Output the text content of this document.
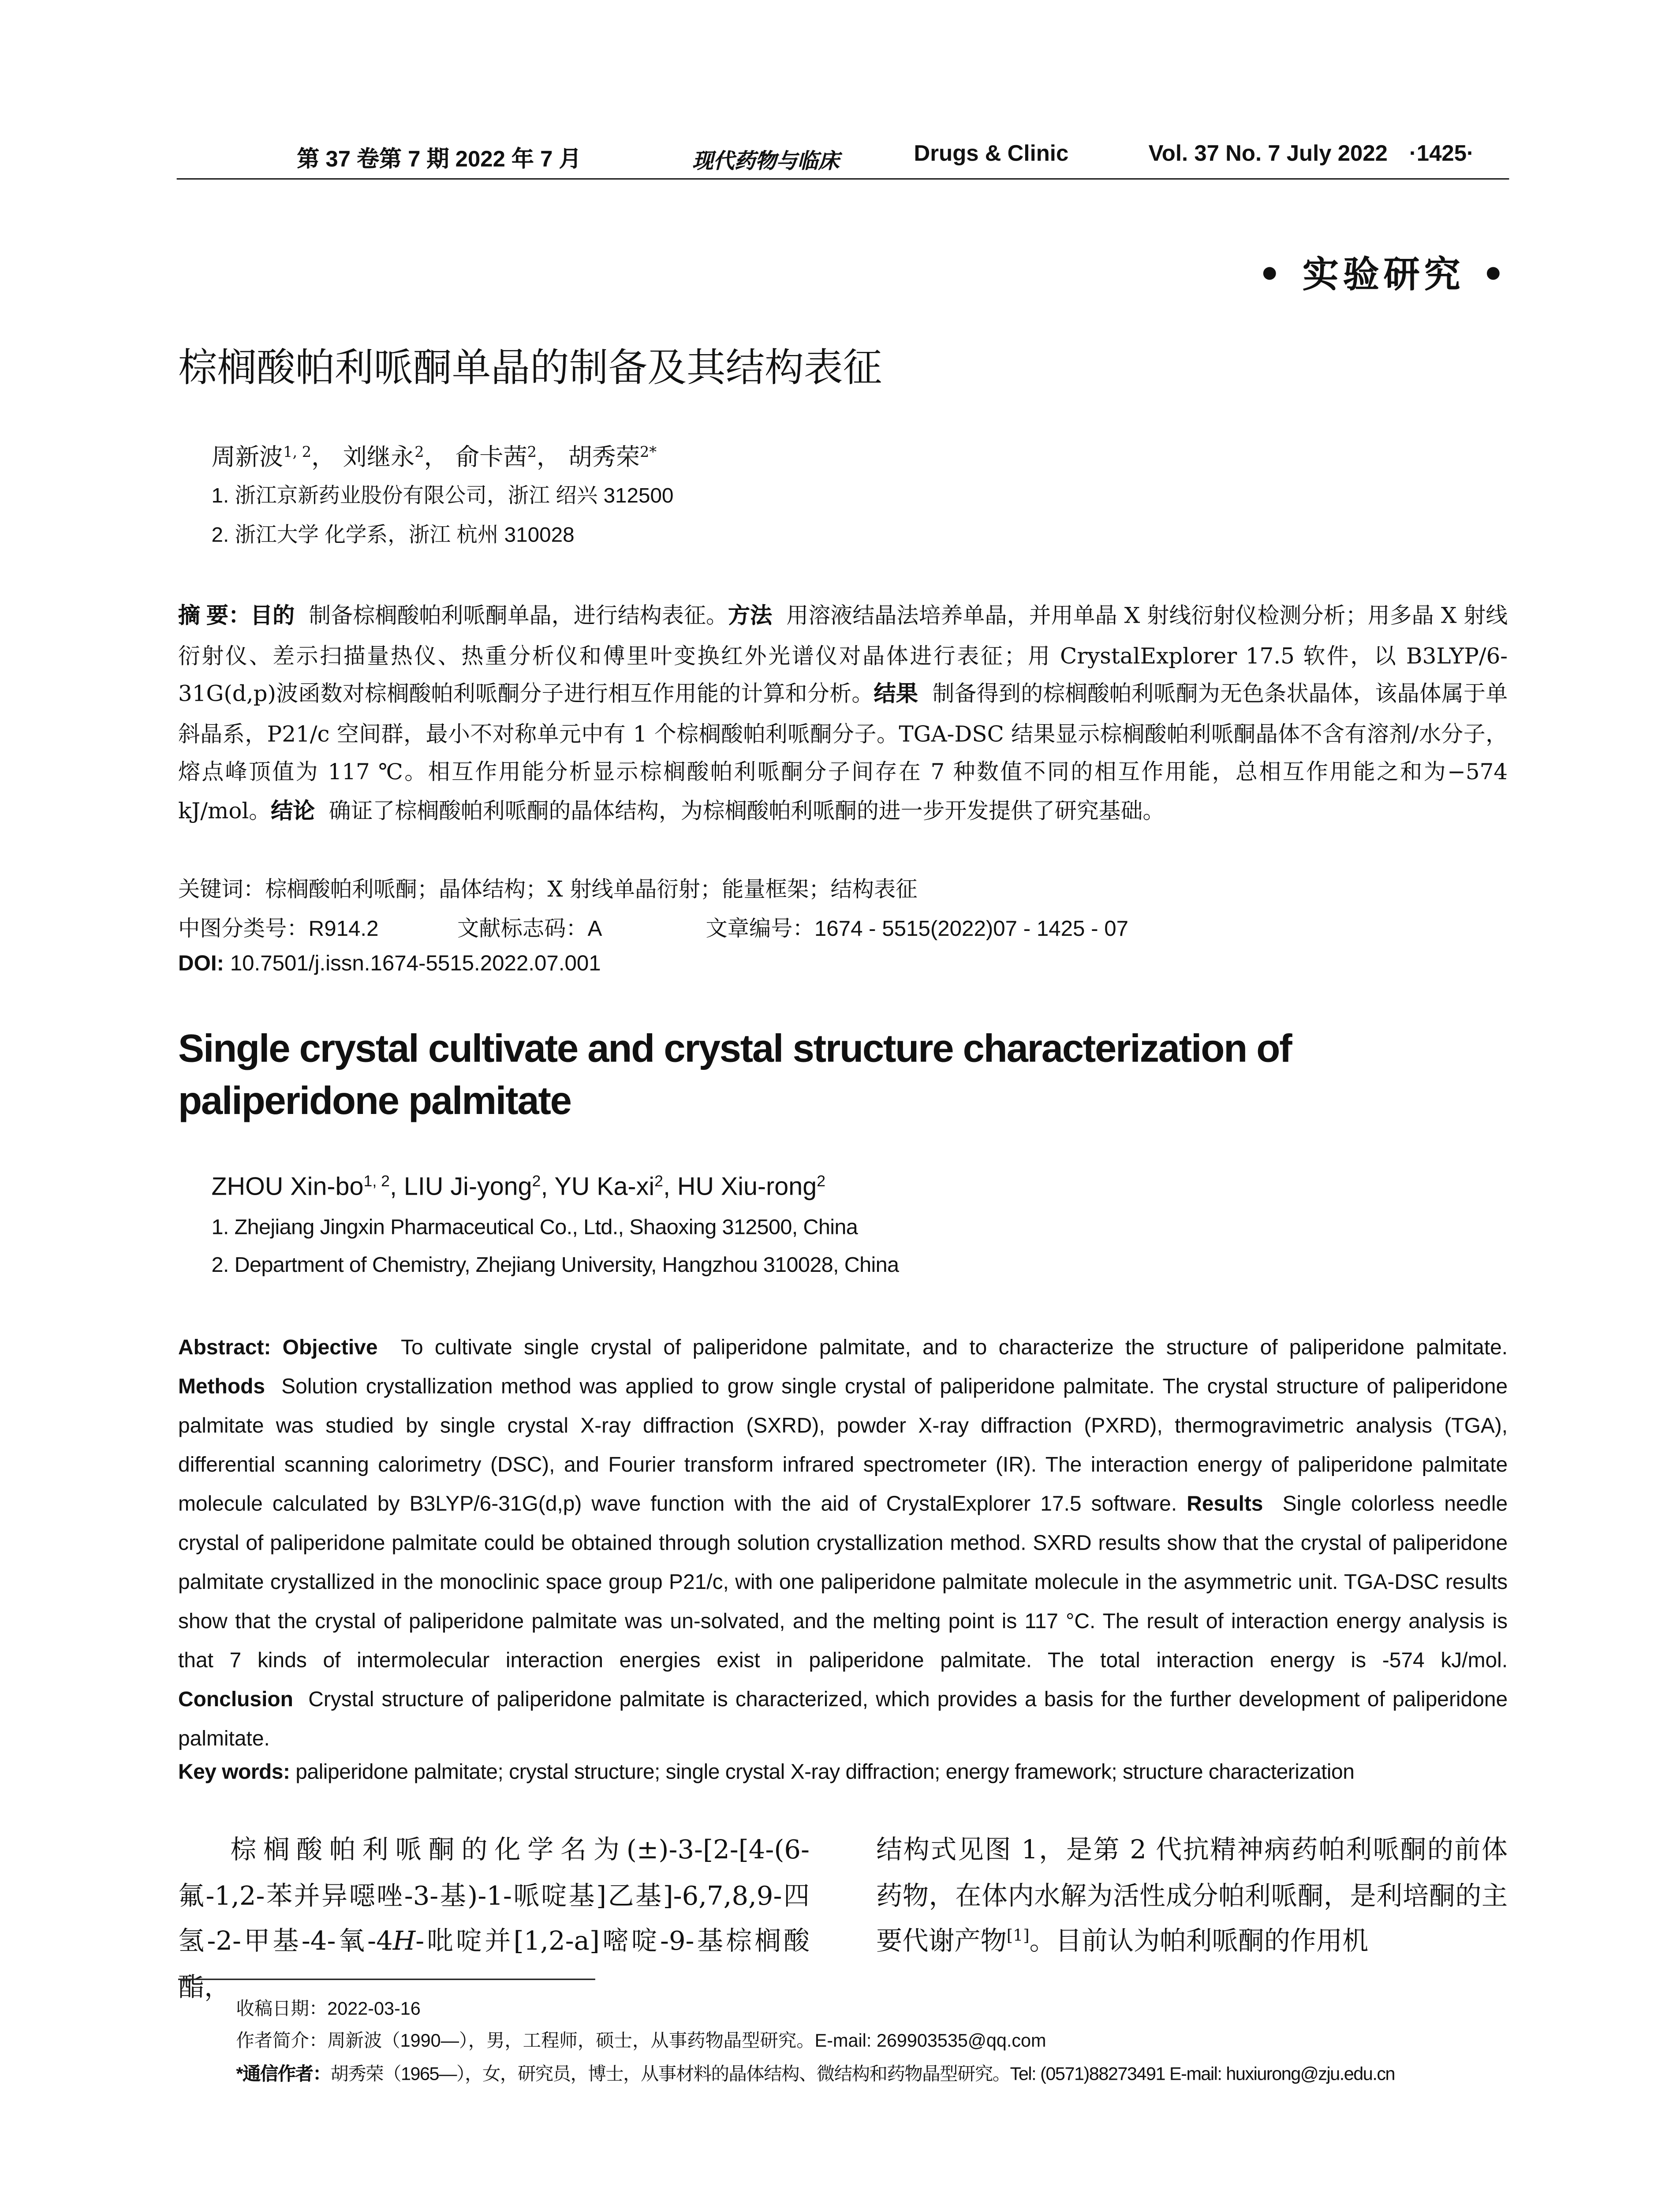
第 37 卷第 7 期 2022 年 7 月	现代药物与临床	Drugs & Clinic	Vol. 37 No. 7 July 2022	·1425·
• 实验研究 •
棕榈酸帕利哌酮单晶的制备及其结构表征
周新波$^{1, 2}$， 刘继永$^2$， 俞卡茜$^2$， 胡秀荣$^{2*}$
1. 浙江京新药业股份有限公司，浙江 绍兴 312500
2. 浙江大学 化学系，浙江 杭州 310028
摘 要：目的 制备棕榈酸帕利哌酮单晶，进行结构表征。方法 用溶液结晶法培养单晶，并用单晶 X 射线衍射仪检测分析；用多晶 X 射线衍射仪、差示扫描量热仪、热重分析仪和傅里叶变换红外光谱仪对晶体进行表征；用 CrystalExplorer 17.5 软件，以 B3LYP/6-31G(d,p)波函数对棕榈酸帕利哌酮分子进行相互作用能的计算和分析。结果 制备得到的棕榈酸帕利哌酮为无色条状晶体，该晶体属于单斜晶系，P21/c 空间群，最小不对称单元中有 1 个棕榈酸帕利哌酮分子。TGA-DSC 结果显示棕榈酸帕利哌酮晶体不含有溶剂/水分子，熔点峰顶值为 117 ℃。相互作用能分析显示棕榈酸帕利哌酮分子间存在 7 种数值不同的相互作用能，总相互作用能之和为−574 kJ/mol。结论 确证了棕榈酸帕利哌酮的晶体结构，为棕榈酸帕利哌酮的进一步开发提供了研究基础。
关键词：棕榈酸帕利哌酮；晶体结构；X 射线单晶衍射；能量框架；结构表征
中图分类号：R914.2	文献标志码：A	文章编号：1674 - 5515(2022)07 - 1425 - 07
DOI: 10.7501/j.issn.1674-5515.2022.07.001
Single crystal cultivate and crystal structure characterization of paliperidone palmitate
ZHOU Xin-bo$^{1, 2}$, LIU Ji-yong$^2$, YU $Ka-xi^2$, HU Xiu-rong$^2$
1. Zhejiang Jingxin Pharmaceutical Co., Ltd., Shaoxing 312500, China
2. Department of Chemistry, Zhejiang University, Hangzhou 310028, China
Abstract: Objective	To cultivate single crystal of paliperidone palmitate, and to characterize the structure of paliperidone palmitate. Methods	Solution crystallization method was applied to grow single crystal of paliperidone palmitate. The crystal structure of paliperidone palmitate was studied by single crystal X-ray diffraction (SXRD), powder X-ray diffraction (PXRD), thermogravimetric analysis (TGA), differential scanning calorimetry (DSC), and Fourier transform infrared spectrometer (IR). The interaction energy of paliperidone palmitate molecule calculated by B3LYP/6-31G(d,p) wave function with the aid of CrystalExplorer 17.5 software. Results	Single colorless needle crystal of paliperidone palmitate could be obtained through solution crystallization method. SXRD results show that the crystal of paliperidone palmitate crystallized in the monoclinic space group P21/c, with one paliperidone palmitate molecule in the asymmetric unit. TGA-DSC results show that the crystal of paliperidone palmitate was un-solvated, and the melting point is 117 °C. The result of interaction energy analysis is that 7 kinds of intermolecular interaction energies exist in paliperidone palmitate. The total interaction energy is -574 kJ/mol. Conclusion Crystal structure of paliperidone palmitate is characterized, which provides a basis for the further development of paliperidone palmitate.
Key words: paliperidone palmitate; crystal structure; single crystal X-ray diffraction; energy framework; structure characterization
棕榈酸帕利哌酮的化学名为(±)-3-[2-[4-(6-氟-1,2-苯并异噁唑-3-基)-1-哌啶基]乙基]-6,7,8,9-四氢-2-甲基-4-氧-4H-吡啶并[1,2-a]嘧啶-9-基棕榈酸酯，
结构式见图 1，是第 2 代抗精神病药帕利哌酮的前体药物，在体内水解为活性成分帕利哌酮，是利培酮的主要代谢产物[1]。目前认为帕利哌酮的作用机
收稿日期：2022-03-16
作者简介：周新波（1990—），男，工程师，硕士，从事药物晶型研究。E-mail: 269903535@qq.com
*通信作者：胡秀荣（1965—），女，研究员，博士，从事材料的晶体结构、微结构和药物晶型研究。Tel: (0571)88273491 E-mail: huxiurong@zju.edu.cn
